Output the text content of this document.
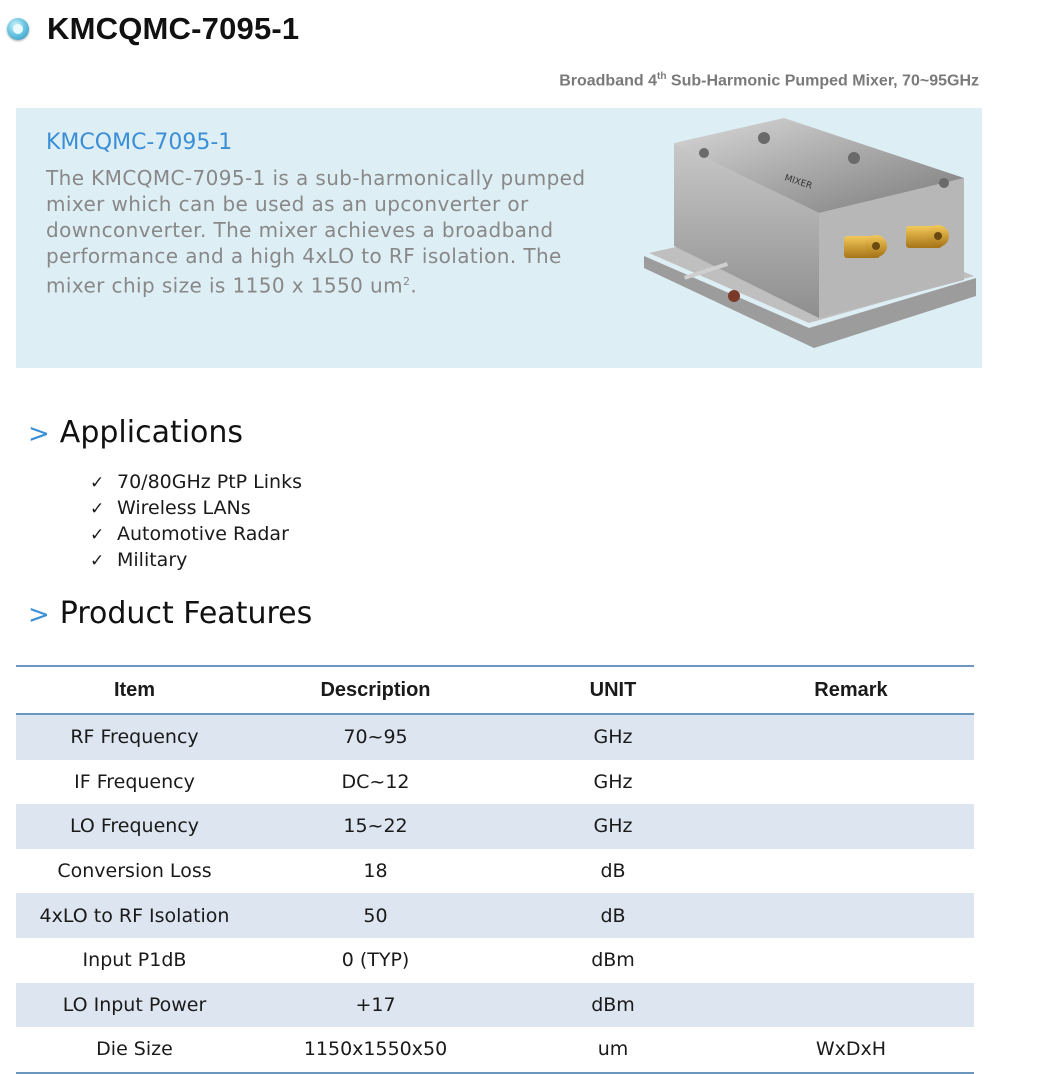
KMCQMC-7095-1
Broadband 4th Sub-Harmonic Pumped Mixer, 70~95GHz
KMCQMC-7095-1
The KMCQMC-7095-1 is a sub-harmonically pumped mixer which can be used as an upconverter or downconverter. The mixer achieves a broadband performance and a high 4xLO to RF isolation. The mixer chip size is 1150 x 1550 $um^2$.
MIXER
> Applications
✓ 70/80GHz PtP Links
✓ Wireless LANs
✓ Automotive Radar
✓ Military
> Product Features
Item	Description	UNIT	Remark
RF Frequency	70~95	GHz	
IF Frequency	DC~12	GHz	
LO Frequency	15~22	GHz	
Conversion Loss	18	dB	
4xLO to RF Isolation	50	dB	
Input P1dB	0 (TYP)	dBm	
LO Input Power	+17	dBm	
Die Size	1150x1550x50	um	WxDxH
